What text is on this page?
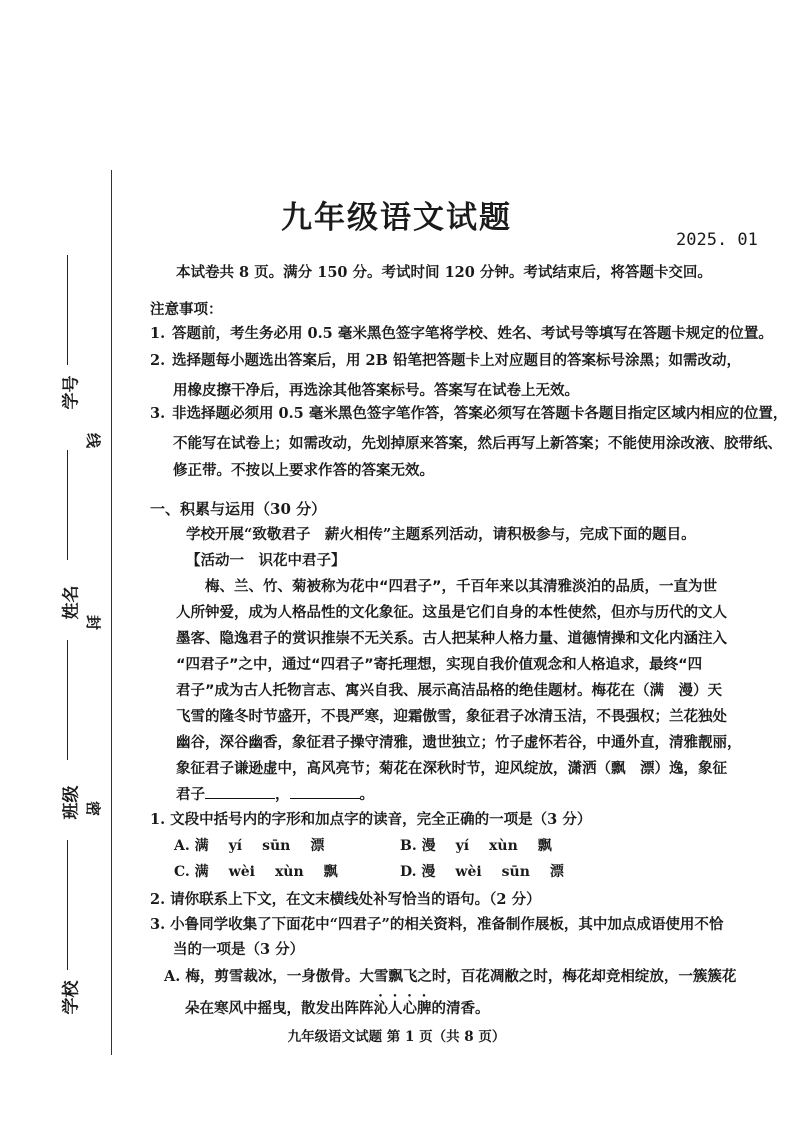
学号
姓名
班级
学校
线
封
密
九年级语文试题
2025. 01
本试卷共 8 页。满分 150 分。考试时间 120 分钟。考试结束后，将答题卡交回。
注意事项：
1. 答题前，考生务必用 0.5 毫米黑色签字笔将学校、姓名、考试号等填写在答题卡规定的位置。
2. 选择题每小题选出答案后，用 2B 铅笔把答题卡上对应题目的答案标号涂黑；如需改动，
用橡皮擦干净后，再选涂其他答案标号。答案写在试卷上无效。
3. 非选择题必须用 0.5 毫米黑色签字笔作答，答案必须写在答题卡各题目指定区域内相应的位置，
不能写在试卷上；如需改动，先划掉原来答案，然后再写上新答案；不能使用涂改液、胶带纸、
修正带。不按以上要求作答的答案无效。
一、积累与运用（30 分）
学校开展“致敬君子　薪火相传”主题系列活动，请积极参与，完成下面的题目。
【活动一　识花中君子】
　　梅、兰、竹、菊被称为花中“四君子”，千百年来以其清雅淡泊的品质，一直为世
人所钟爱，成为人格品性的文化象征。这虽是它们自身的本性使然，但亦与历代的文人
墨客、隐逸君子的赏识推崇不无关系。古人把某种人格力量、道德情操和文化内涵注入
“四君子”之中，通过“四君子”寄托理想，实现自我价值观念和人格追求，最终“四
君子”成为古人托物言志、寓兴自我、展示高洁品格的绝佳题材。梅花在（满　漫）天
飞雪的隆冬时节盛开，不畏严寒，迎霜傲雪，象征君子冰清玉洁，不畏强权；兰花独处
幽谷，深谷幽香，象征君子操守清雅，遗世独立；竹子虚怀若谷，中通外直，清雅靓丽，
象征君子谦逊虚中，高风亮节；菊花在深秋时节，迎风绽放，潇洒（飘　漂）逸，象征
君子	，	。
1. 文段中括号内的字形和加点字的读音，完全正确的一项是（3 分）
A. 满 yí sūn 漂	B. 漫 yí xùn 飘
C. 满 wèi xùn 飘	D. 漫 wèi sūn 漂
2. 请你联系上下文，在文末横线处补写恰当的语句。（2 分）
3. 小鲁同学收集了下面花中“四君子”的相关资料，准备制作展板，其中加点成语使用不恰
当的一项是（3 分）
A. 梅，剪雪裁冰，一身傲骨。大雪飘飞之时，百花凋敝之时，梅花却竞相绽放，一簇簇花
朵在寒风中摇曳，散发出阵阵沁人心脾的清香。
九年级语文试题 第 1 页（共 8 页）
